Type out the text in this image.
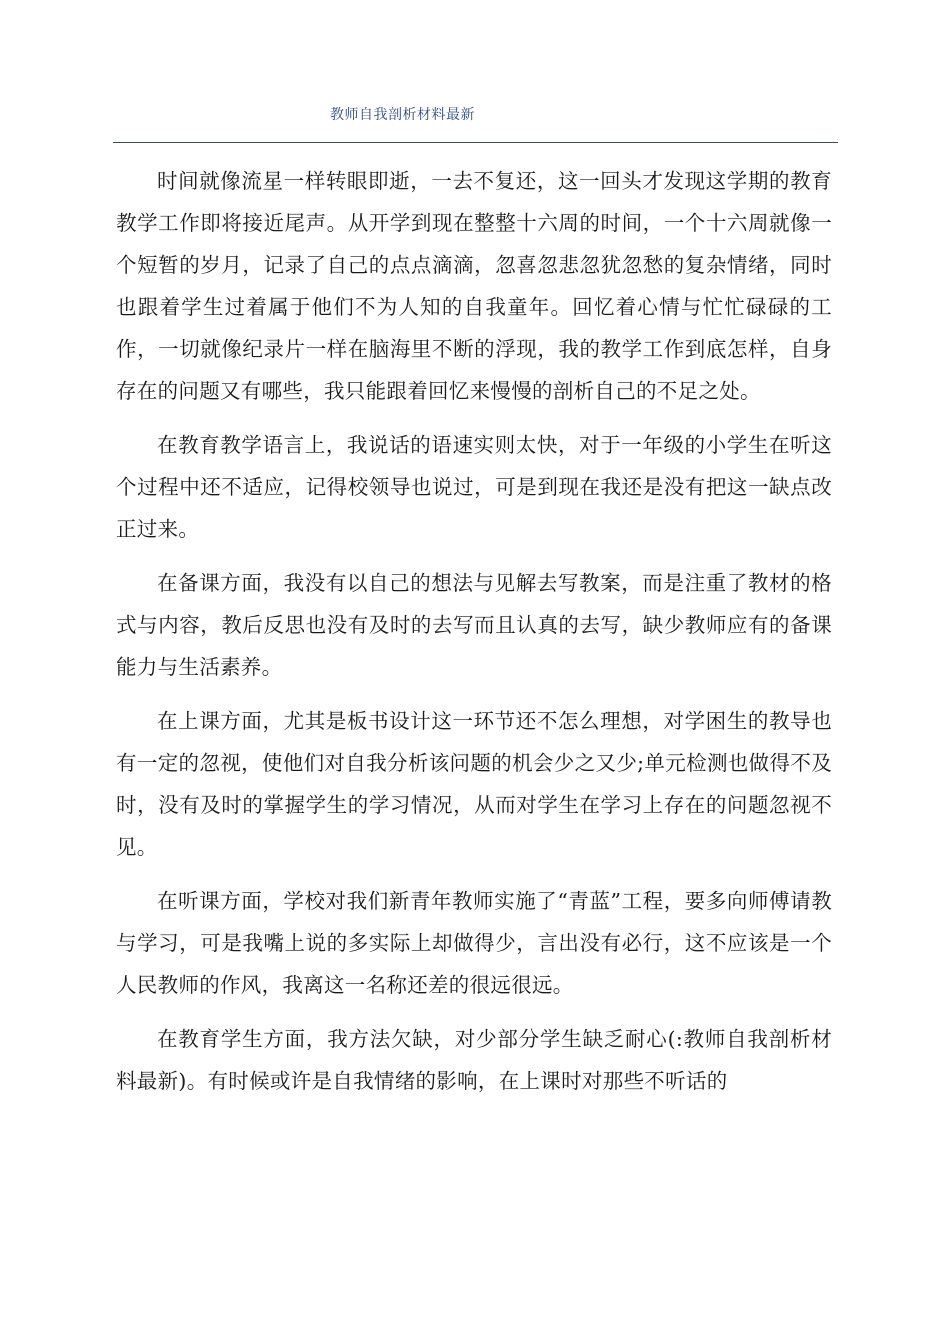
教师自我剖析材料最新

时间就像流星一样转眼即逝，一去不复还，这一回头才发现这学期的教育教学工作即将接近尾声。从开学到现在整整十六周的时间，一个十六周就像一个短暂的岁月，记录了自己的点点滴滴，忽喜忽悲忽犹忽愁的复杂情绪，同时也跟着学生过着属于他们不为人知的自我童年。回忆着心情与忙忙碌碌的工作，一切就像纪录片一样在脑海里不断的浮现，我的教学工作到底怎样，自身存在的问题又有哪些，我只能跟着回忆来慢慢的剖析自己的不足之处。

在教育教学语言上，我说话的语速实则太快，对于一年级的小学生在听这个过程中还不适应，记得校领导也说过，可是到现在我还是没有把这一缺点改正过来。

在备课方面，我没有以自己的想法与见解去写教案，而是注重了教材的格式与内容，教后反思也没有及时的去写而且认真的去写，缺少教师应有的备课能力与生活素养。

在上课方面，尤其是板书设计这一环节还不怎么理想，对学困生的教导也有一定的忽视，使他们对自我分析该问题的机会少之又少;单元检测也做得不及时，没有及时的掌握学生的学习情况，从而对学生在学习上存在的问题忽视不见。

在听课方面，学校对我们新青年教师实施了“青蓝”工程，要多向师傅请教与学习，可是我嘴上说的多实际上却做得少，言出没有必行，这不应该是一个人民教师的作风，我离这一名称还差的很远很远。

在教育学生方面，我方法欠缺，对少部分学生缺乏耐心(:教师自我剖析材料最新)。有时候或许是自我情绪的影响，在上课时对那些不听话的
